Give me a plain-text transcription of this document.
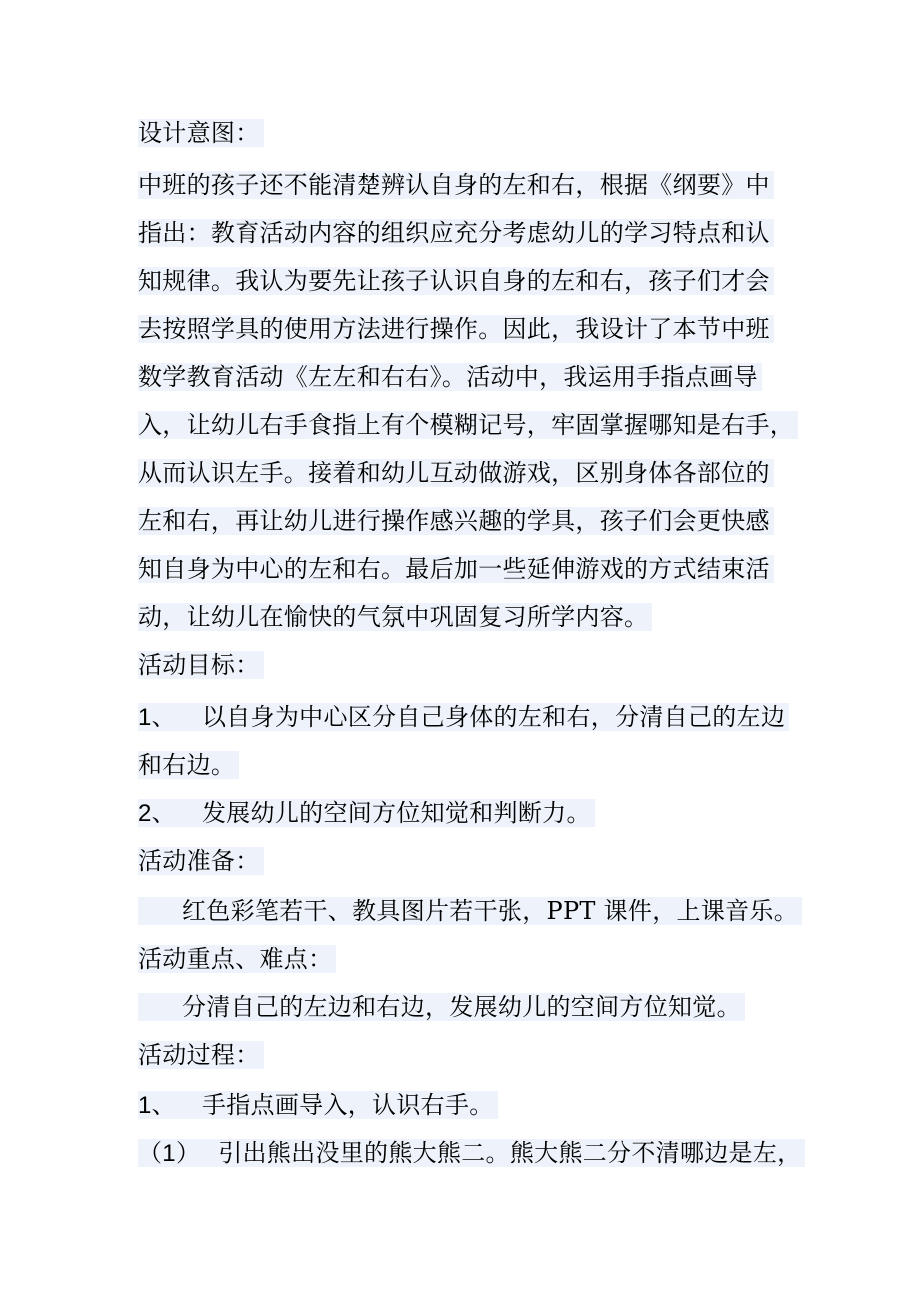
设计意图：
中班的孩子还不能清楚辨认自身的左和右，根据《纲要》中
指出：教育活动内容的组织应充分考虑幼儿的学习特点和认
知规律。我认为要先让孩子认识自身的左和右，孩子们才会
去按照学具的使用方法进行操作。因此，我设计了本节中班
数学教育活动《左左和右右》。活动中，我运用手指点画导
入，让幼儿右手食指上有个模糊记号，牢固掌握哪知是右手，
从而认识左手。接着和幼儿互动做游戏，区别身体各部位的
左和右，再让幼儿进行操作感兴趣的学具，孩子们会更快感
知自身为中心的左和右。最后加一些延伸游戏的方式结束活
动，让幼儿在愉快的气氛中巩固复习所学内容。
活动目标：
1、 以自身为中心区分自己身体的左和右，分清自己的左边
和右边。
2、 发展幼儿的空间方位知觉和判断力。
活动准备：
红色彩笔若干、教具图片若干张，PPT 课件，上课音乐。
活动重点、难点：
分清自己的左边和右边，发展幼儿的空间方位知觉。
活动过程：
1、 手指点画导入，认识右手。
（1） 引出熊出没里的熊大熊二。熊大熊二分不清哪边是左，
